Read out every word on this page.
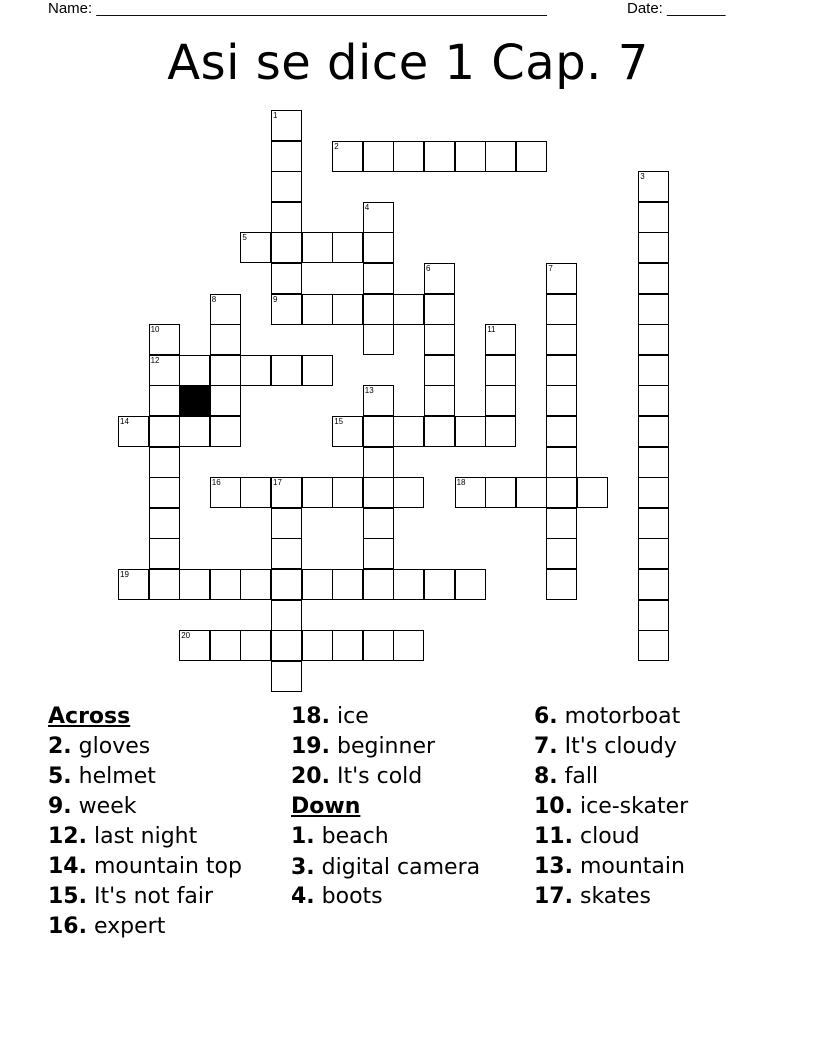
Name: ______________________________________________________	Date: _______
Asi se dice 1 Cap. 7
1
2
3
4
5
6	7
8	9
10
12
11
13
14	15
16	17	18
19
20
Across
2. gloves
5. helmet
9. week
12. last night
14. mountain top
15. It's not fair
16. expert
18. ice
19. beginner
20. It's cold
Down
1. beach
3. digital camera
4. boots
6. motorboat
7. It's cloudy
8. fall
10. ice-skater
11. cloud
13. mountain
17. skates
